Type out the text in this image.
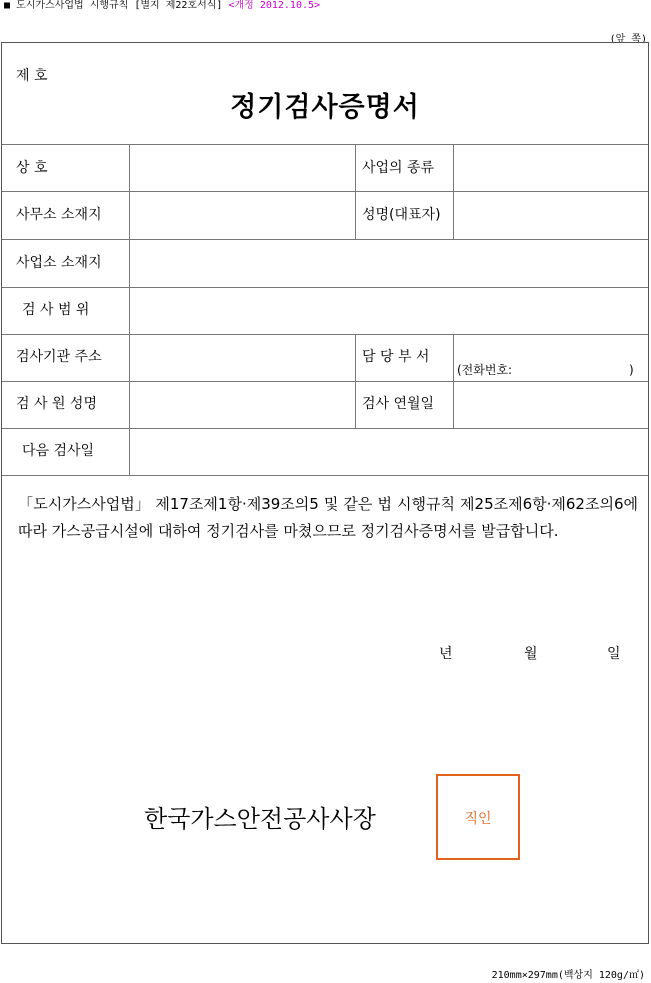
■ 도시가스사업법 시행규칙 [별지 제22호서식] <개정 2012.10.5>
(앞 쪽)
제 호
정기검사증명서
상 호	사업의 종류
사무소 소재지	성명(대표자)
사업소 소재지
검 사 범 위
검사기관 주소	담 당 부 서
(전화번호:	)
검 사 원 성명	검사 연월일
다음 검사일
「도시가스사업법」 제17조제1항·제39조의5 및 같은 법 시행규칙 제25조제6항·제62조의6에 따라 가스공급시설에 대하여 정기검사를 마쳤으므로 정기검사증명서를 발급합니다.
년	월	일
한국가스안전공사사장	직인
210mm×297mm(백상지 120g/㎡)
